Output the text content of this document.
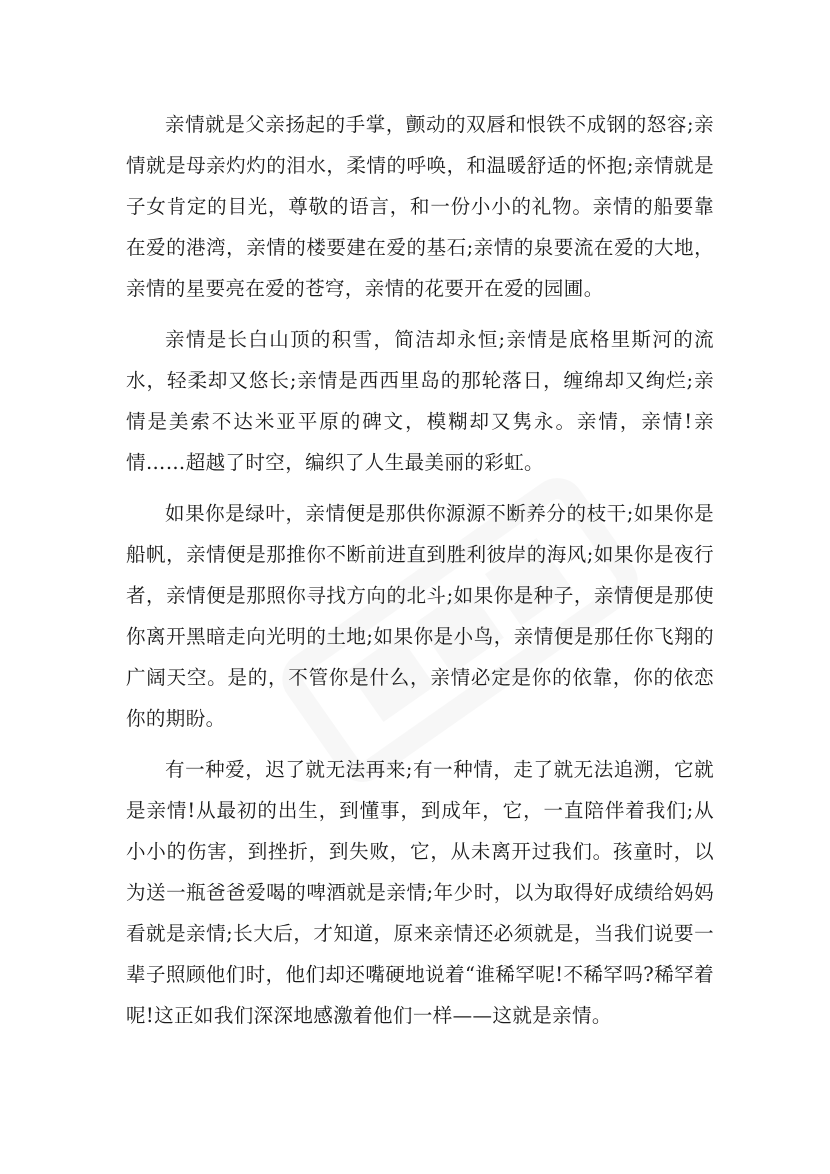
亲情就是父亲扬起的手掌，颤动的双唇和恨铁不成钢的怒容;亲情就是母亲灼灼的泪水，柔情的呼唤，和温暖舒适的怀抱;亲情就是子女肯定的目光，尊敬的语言，和一份小小的礼物。亲情的船要靠在爱的港湾，亲情的楼要建在爱的基石;亲情的泉要流在爱的大地，亲情的星要亮在爱的苍穹，亲情的花要开在爱的园圃。

亲情是长白山顶的积雪，简洁却永恒;亲情是底格里斯河的流水，轻柔却又悠长;亲情是西西里岛的那轮落日，缠绵却又绚烂;亲情是美索不达米亚平原的碑文，模糊却又隽永。亲情，亲情!亲情……超越了时空，编织了人生最美丽的彩虹。

如果你是绿叶，亲情便是那供你源源不断养分的枝干;如果你是船帆，亲情便是那推你不断前进直到胜利彼岸的海风;如果你是夜行者，亲情便是那照你寻找方向的北斗;如果你是种子，亲情便是那使你离开黑暗走向光明的土地;如果你是小鸟，亲情便是那任你飞翔的广阔天空。是的，不管你是什么，亲情必定是你的依靠，你的依恋你的期盼。

有一种爱，迟了就无法再来;有一种情，走了就无法追溯，它就是亲情!从最初的出生，到懂事，到成年，它，一直陪伴着我们;从小小的伤害，到挫折，到失败，它，从未离开过我们。孩童时，以为送一瓶爸爸爱喝的啤酒就是亲情;年少时，以为取得好成绩给妈妈看就是亲情;长大后，才知道，原来亲情还必须就是，当我们说要一辈子照顾他们时，他们却还嘴硬地说着“谁稀罕呢!不稀罕吗?稀罕着呢!这正如我们深深地感激着他们一样——这就是亲情。
